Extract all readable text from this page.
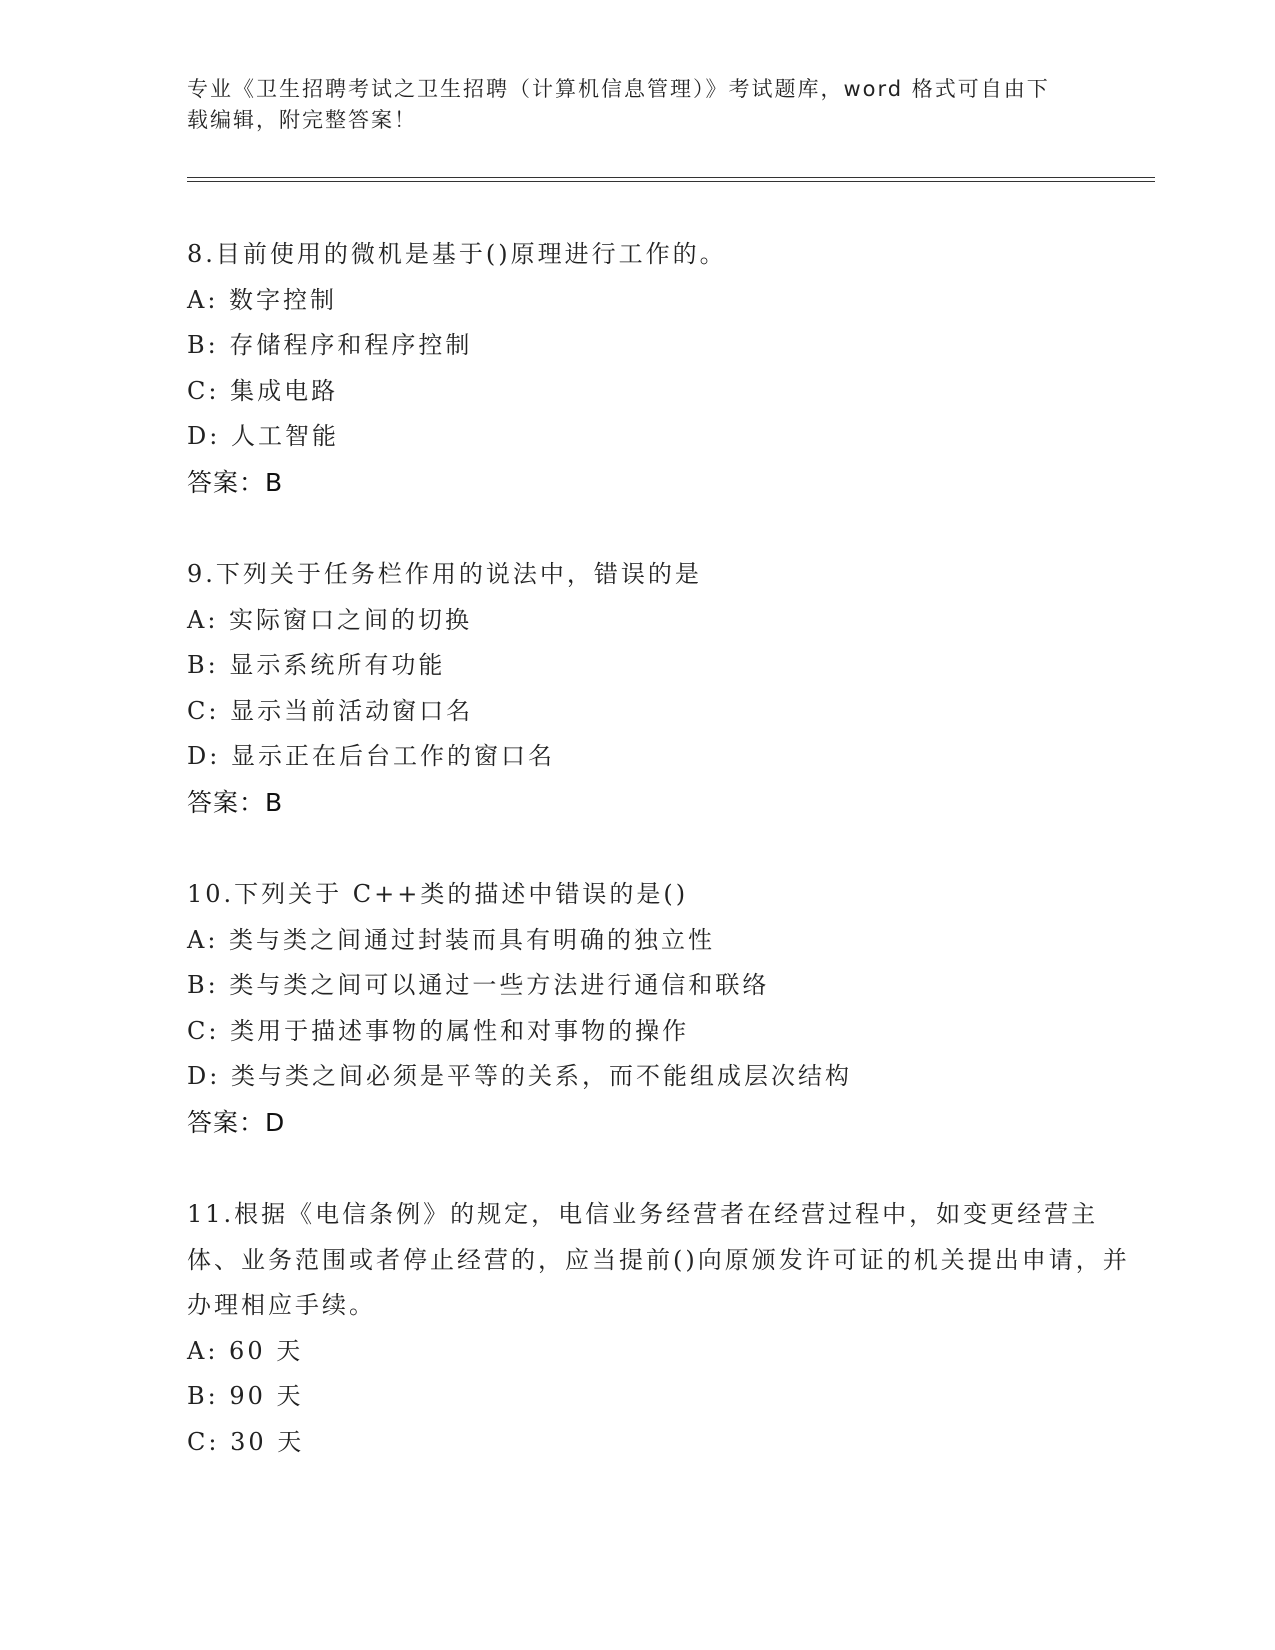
专业《卫生招聘考试之卫生招聘（计算机信息管理）》考试题库，word 格式可自由下载编辑，附完整答案！
8.目前使用的微机是基于()原理进行工作的。
A: 数字控制
B: 存储程序和程序控制
C: 集成电路
D: 人工智能
答案：B
9.下列关于任务栏作用的说法中，错误的是
A: 实际窗口之间的切换
B: 显示系统所有功能
C: 显示当前活动窗口名
D: 显示正在后台工作的窗口名
答案：B
10.下列关于 C++类的描述中错误的是()
A: 类与类之间通过封装而具有明确的独立性
B: 类与类之间可以通过一些方法进行通信和联络
C: 类用于描述事物的属性和对事物的操作
D: 类与类之间必须是平等的关系，而不能组成层次结构
答案：D
11.根据《电信条例》的规定，电信业务经营者在经营过程中，如变更经营主体、业务范围或者停止经营的，应当提前()向原颁发许可证的机关提出申请，并办理相应手续。
A: 60 天
B: 90 天
C: 30 天
